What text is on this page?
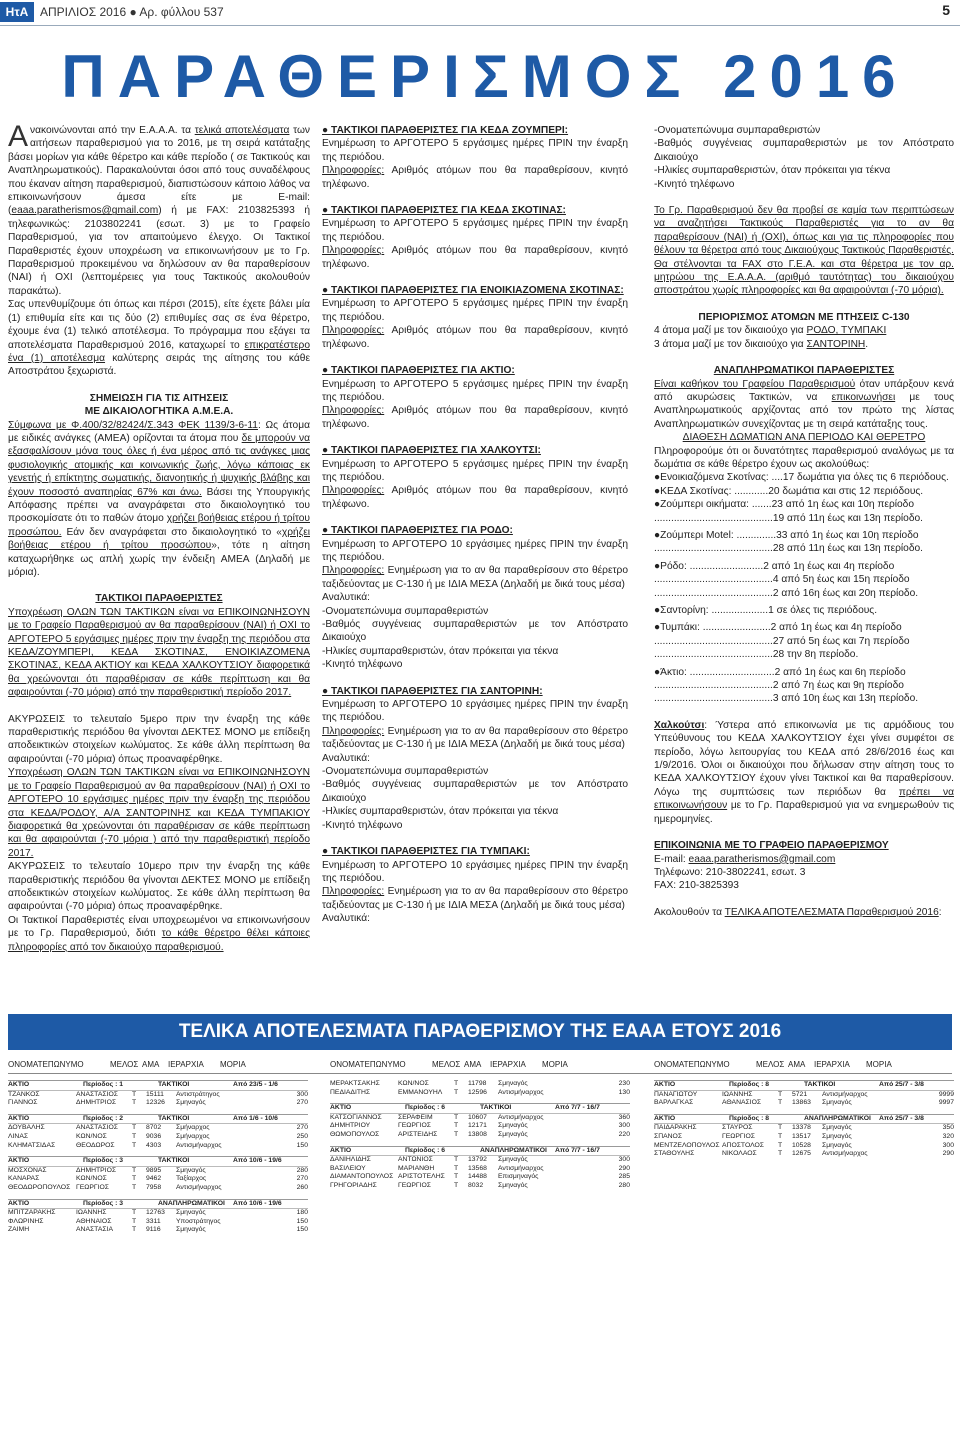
ΗτΑ ΑΠΡΙΛΙΟΣ 2016 ● Αρ. φύλλου 537	5
ΠΑΡΑΘΕΡΙΣΜΟΣ 2016

Ανακοινώνονται από την Ε.Α.Α.Α. τα τελικά αποτελέσματα των αιτήσεων παραθερισμού για το 2016, με τη σειρά κατάταξης βάσει μορίων για κάθε θέρετρο και κάθε περίοδο ( σε Τακτικούς και Αναπληρωματικούς). Παρακαλούνται όσοι από τους συναδέλφους που έκαναν αίτηση παραθερισμού, διαπιστώσουν κάποιο λάθος να επικοινωνήσουν άμεσα είτε με E-mail: (eaaa.paratherismos@gmail.com) ή με FAX: 2103825393 ή τηλεφωνικώς: 2103802241 (εσωτ. 3) με το Γραφείο Παραθερισμού, για τον απαιτούμενο έλεγχο. Οι Τακτικοί Παραθεριστές έχουν υποχρέωση να επικοινωνήσουν με το Γρ. Παραθερισμού προκειμένου να δηλώσουν αν θα παραθερίσουν (ΝΑΙ) ή ΟΧΙ (λεπτομέρειες για τους Τακτικούς ακολουθούν παρακάτω).

Σας υπενθυμίζουμε ότι όπως και πέρσι (2015), είτε έχετε βάλει μία (1) επιθυμία είτε και τις δύο (2) επιθυμίες σας σε ένα θέρετρο, έχουμε ένα (1) τελικό αποτέλεσμα. Το πρόγραμμα που εξάγει τα αποτελέσματα Παραθερισμού 2016, καταχωρεί το επικρατέστερο ένα (1) αποτέλεσμα καλύτερης σειράς της αίτησης του κάθε Αποστράτου ξεχωριστά.

ΣΗΜΕΙΩΣΗ ΓΙΑ ΤΙΣ ΑΙΤΗΣΕΙΣ

ΜΕ ΔΙΚΑΙΟΛΟΓΗΤΙΚΑ Α.Μ.Ε.Α.

Σύμφωνα με Φ.400/32/82424/Σ.343 ΦΕΚ 1139/3-6-11: Ως άτομα με ειδικές ανάγκες (ΑΜΕΑ) ορίζονται τα άτομα που δε μπορούν να εξασφαλίσουν μόνα τους όλες ή ένα μέρος από τις ανάγκες μιας φυσιολογικής ατομικής και κοινωνικής ζωής, λόγω κάποιας εκ γενετής ή επίκτητης σωματικής, διανοητικής ή ψυχικής βλάβης και έχουν ποσοστό αναπηρίας 67% και άνω. Βάσει της Υπουργικής Απόφασης πρέπει να αναγράφεται στο δικαιολογητικό του προσκομίσατε ότι το παθών άτομο χρήζει βοήθειας ετέρου ή τρίτου προσώπου. Εάν δεν αναγράφεται στο δικαιολογητικό το «χρήζει βοήθειας ετέρου ή τρίτου προσώπου», τότε η αίτηση καταχωρήθηκε ως απλή χωρίς την ένδειξη ΑΜΕΑ (Δηλαδή με μόρια).

ΤΑΚΤΙΚΟΙ ΠΑΡΑΘΕΡΙΣΤΕΣ

Υποχρέωση ΟΛΩΝ ΤΩΝ ΤΑΚΤΙΚΩΝ είναι να ΕΠΙΚΟΙΝΩΝΗΣΟΥΝ με το Γραφείο Παραθερισμού αν θα παραθερίσουν (ΝΑΙ) ή ΟΧΙ το ΑΡΓΟΤΕΡΟ 5 εργάσιμες ημέρες πριν την έναρξη της περιόδου στα ΚΕΔΑ/ΖΟΥΜΠΕΡΙ, ΚΕΔΑ ΣΚΟΤΙΝΑΣ, ΕΝΟΙΚΙΑΖΟΜΕΝΑ ΣΚΟΤΙΝΑΣ, ΚΕΔΑ ΑΚΤΙΟΥ και ΚΕΔΑ ΧΑΛΚΟΥΤΣΙΟΥ διαφορετικά θα χρεώνονται ότι παραθέρισαν σε κάθε περίπτωση και θα αφαιρούνται (-70 μόρια) από την παραθεριστική περίοδο 2017.

ΑΚΥΡΩΣΕΙΣ το τελευταίο 5μερο πριν την έναρξη της κάθε παραθεριστικής περιόδου θα γίνονται ΔΕΚΤΕΣ ΜΟΝΟ με επίδειξη αποδεικτικών στοιχείων κωλύματος. Σε κάθε άλλη περίπτωση θα αφαιρούνται (-70 μόρια) όπως προαναφέρθηκε.

Υποχρέωση ΟΛΩΝ ΤΩΝ ΤΑΚΤΙΚΩΝ είναι να ΕΠΙΚΟΙΝΩΝΗΣΟΥΝ με το Γραφείο Παραθερισμού αν θα παραθερίσουν (ΝΑΙ) ή ΟΧΙ το ΑΡΓΟΤΕΡΟ 10 εργάσιμες ημέρες πριν την έναρξη της περιόδου στα ΚΕΔΑ/ΡΟΔΟΥ, Α/Α ΣΑΝΤΟΡΙΝΗΣ και ΚΕΔΑ ΤΥΜΠΑΚΙΟΥ διαφορετικά θα χρεώνονται ότι παραθέρισαν σε κάθε περίπτωση και θα αφαιρούνται (-70 μόρια ) από την παραθεριστική περίοδο 2017.

ΑΚΥΡΩΣΕΙΣ το τελευταίο 10μερο πριν την έναρξη της κάθε παραθεριστικής περιόδου θα γίνονται ΔΕΚΤΕΣ ΜΟΝΟ με επίδειξη αποδεικτικών στοιχείων κωλύματος. Σε κάθε άλλη περίπτωση θα αφαιρούνται (-70 μόρια) όπως προαναφέρθηκε.

Οι Τακτικοί Παραθεριστές είναι υποχρεωμένοι να επικοινωνήσουν με το Γρ. Παραθερισμού, διότι το κάθε θέρετρο θέλει κάποιες πληροφορίες από τον δικαιούχο παραθερισμού.

● ΤΑΚΤΙΚΟΙ ΠΑΡΑΘΕΡΙΣΤΕΣ ΓΙΑ ΚΕΔΑ ΖΟΥΜΠΕΡΙ:

Ενημέρωση το ΑΡΓΟΤΕΡΟ 5 εργάσιμες ημέρες ΠΡΙΝ την έναρξη της περιόδου.

Πληροφορίες: Αριθμός ατόμων που θα παραθερίσουν, κινητό τηλέφωνο.

● ΤΑΚΤΙΚΟΙ ΠΑΡΑΘΕΡΙΣΤΕΣ ΓΙΑ ΚΕΔΑ ΣΚΟΤΙΝΑΣ:

Ενημέρωση το ΑΡΓΟΤΕΡΟ 5 εργάσιμες ημέρες ΠΡΙΝ την έναρξη της περιόδου.

Πληροφορίες: Αριθμός ατόμων που θα παραθερίσουν, κινητό τηλέφωνο.

● ΤΑΚΤΙΚΟΙ ΠΑΡΑΘΕΡΙΣΤΕΣ ΓΙΑ ΕΝΟΙΚΙΑΖΟΜΕΝΑ ΣΚΟΤΙΝΑΣ:

Ενημέρωση το ΑΡΓΟΤΕΡΟ 5 εργάσιμες ημέρες ΠΡΙΝ την έναρξη της περιόδου.

Πληροφορίες: Αριθμός ατόμων που θα παραθερίσουν, κινητό τηλέφωνο.

● ΤΑΚΤΙΚΟΙ ΠΑΡΑΘΕΡΙΣΤΕΣ ΓΙΑ ΑΚΤΙΟ:

Ενημέρωση το ΑΡΓΟΤΕΡΟ 5 εργάσιμες ημέρες ΠΡΙΝ την έναρξη της περιόδου.

Πληροφορίες: Αριθμός ατόμων που θα παραθερίσουν, κινητό τηλέφωνο.

● ΤΑΚΤΙΚΟΙ ΠΑΡΑΘΕΡΙΣΤΕΣ ΓΙΑ ΧΑΛΚΟΥΤΣΙ:

Ενημέρωση το ΑΡΓΟΤΕΡΟ 5 εργάσιμες ημέρες ΠΡΙΝ την έναρξη της περιόδου.

Πληροφορίες: Αριθμός ατόμων που θα παραθερίσουν, κινητό τηλέφωνο.

● ΤΑΚΤΙΚΟΙ ΠΑΡΑΘΕΡΙΣΤΕΣ ΓΙΑ ΡΟΔΟ:

Ενημέρωση το ΑΡΓΟΤΕΡΟ 10 εργάσιμες ημέρες ΠΡΙΝ την έναρξη της περιόδου.

Πληροφορίες: Ενημέρωση για το αν θα παραθερίσουν στο θέρετρο ταξιδεύοντας με C-130 ή με ΙΔΙΑ ΜΕΣΑ (Δηλαδή με δικά τους μέσα)

Αναλυτικά:

-Ονοματεπώνυμα συμπαραθεριστών

-Βαθμός συγγένειας συμπαραθεριστών με τον Απόστρατο Δικαιούχο

-Ηλικίες συμπαραθεριστών, όταν πρόκειται για τέκνα

-Κινητό τηλέφωνο

● ΤΑΚΤΙΚΟΙ ΠΑΡΑΘΕΡΙΣΤΕΣ ΓΙΑ ΣΑΝΤΟΡΙΝΗ:

Ενημέρωση το ΑΡΓΟΤΕΡΟ 10 εργάσιμες ημέρες ΠΡΙΝ την έναρξη της περιόδου.

Πληροφορίες: Ενημέρωση για το αν θα παραθερίσουν στο θέρετρο ταξιδεύοντας με C-130 ή με ΙΔΙΑ ΜΕΣΑ (Δηλαδή με δικά τους μέσα)

Αναλυτικά:

-Ονοματεπώνυμα συμπαραθεριστών

-Βαθμός συγγένειας συμπαραθεριστών με τον Απόστρατο Δικαιούχο

-Ηλικίες συμπαραθεριστών, όταν πρόκειται για τέκνα

-Κινητό τηλέφωνο

● ΤΑΚΤΙΚΟΙ ΠΑΡΑΘΕΡΙΣΤΕΣ ΓΙΑ ΤΥΜΠΑΚΙ:

Ενημέρωση το ΑΡΓΟΤΕΡΟ 10 εργάσιμες ημέρες ΠΡΙΝ την έναρξη της περιόδου.

Πληροφορίες: Ενημέρωση για το αν θα παραθερίσουν στο θέρετρο ταξιδεύοντας με C-130 ή με ΙΔΙΑ ΜΕΣΑ (Δηλαδή με δικά τους μέσα)

Αναλυτικά:

-Ονοματεπώνυμα συμπαραθεριστών

-Βαθμός συγγένειας συμπαραθεριστών με τον Απόστρατο Δικαιούχο

-Ηλικίες συμπαραθεριστών, όταν πρόκειται για τέκνα

-Κινητό τηλέφωνο

Το Γρ. Παραθερισμού δεν θα προβεί σε καμία των περιπτώσεων να αναζητήσει Τακτικούς Παραθεριστές για το αν θα παραθερίσουν (ΝΑΙ) ή (ΟΧΙ), όπως και για τις πληροφορίες που θέλουν τα θέρετρα από τους Δικαιούχους Τακτικούς Παραθεριστές. Θα στέλνονται τα FAX στο Γ.Ε.Α. και στα θέρετρα με τον αρ. μητρώου της Ε.Α.Α.Α. (αριθμό ταυτότητας) του δικαιούχου αποστράτου χωρίς πληροφορίες και θα αφαιρούνται (-70 μόρια).

ΠΕΡΙΟΡΙΣΜΟΣ ΑΤΟΜΩΝ ΜΕ ΠΤΗΣΕΙΣ C-130

4 άτομα μαζί με τον δικαιούχο για ΡΟΔΟ, ΤΥΜΠΑΚΙ

3 άτομα μαζί με τον δικαιούχο για ΣΑΝΤΟΡΙΝΗ.

ΑΝΑΠΛΗΡΩΜΑΤΙΚΟΙ ΠΑΡΑΘΕΡΙΣΤΕΣ

Είναι καθήκον του Γραφείου Παραθερισμού όταν υπάρξουν κενά από ακυρώσεις Τακτικών, να επικοινωνήσει με τους Αναπληρωματικούς αρχίζοντας από τον πρώτο της λίστας Αναπληρωματικών συνεχίζοντας με τη σειρά κατάταξης τους.

ΔΙΑΘΕΣΗ ΔΩΜΑΤΙΩΝ ΑΝΑ ΠΕΡΙΟΔΟ ΚΑΙ ΘΕΡΕΤΡΟ

Πληροφορούμε ότι οι δυνατότητες παραθερισμού αναλόγως με τα δωμάτια σε κάθε θέρετρο έχουν ως ακολούθως:

●Ενοικιαζόμενα Σκοτίνας: ....17 δωμάτια για όλες τις 6 περιόδους.

●ΚΕΔΑ Σκοτίνας: ............20 δωμάτια και στις 12 περιόδους.

●Ζούμπερι οικήματα: .......23 από 1η έως και 10η περίοδο

..........................................19 από 11η έως και 13η περίοδο.

●Ζούμπερι Motel: ..............33 από 1η έως και 10η περίοδο

..........................................28 από 11η έως και 13η περίοδο.

●Ρόδο: ..........................2 από 1η έως και 4η περίοδο

..........................................4 από 5η έως και 15η περίοδο

..........................................2 από 16η έως και 20η περίοδο.

●Σαντορίνη: ....................1 σε όλες τις περιόδους.

●Τυμπάκι: ........................2 από 1η έως και 4η περίοδο

..........................................27 από 5η έως και 7η περίοδο

..........................................28 την 8η περίοδο.

●Άκτιο: ..............................2 από 1η έως και 6η περίοδο

..........................................2 από 7η έως και 9η περίοδο

..........................................3 από 10η έως και 13η περίοδο.

Χαλκούτσι: Ύστερα από επικοινωνία με τις αρμόδιους του Υπεύθυνους του ΚΕΔΑ ΧΑΛΚΟΥΤΣΙΟΥ έχει γίνει συμφέτοι σε περίοδο, λόγω λειτουργίας του ΚΕΔΑ από 28/6/2016 έως και 1/9/2016. Όλοι οι δικαιούχοι που δήλωσαν στην αίτηση τους το ΚΕΔΑ ΧΑΛΚΟΥΤΣΙΟΥ έχουν γίνει Τακτικοί και θα παραθερίσουν. Λόγω της συμπτώσεις των περιόδων θα πρέπει να επικοινωνήσουν με το Γρ. Παραθερισμού για να ενημερωθούν τις ημερομηνίες.

ΕΠΙΚΟΙΝΩΝΙΑ ΜΕ ΤΟ ΓΡΑΦΕΙΟ ΠΑΡΑΘΕΡΙΣΜΟΥ

E-mail: eaaa.paratherismos@gmail.com

Τηλέφωνο: 210-3802241, εσωτ. 3

FAX: 210-3825393

Ακολουθούν τα ΤΕΛΙΚΑ ΑΠΟΤΕΛΕΣΜΑΤΑ Παραθερισμού 2016:

ΤΕΛΙΚΑ ΑΠΟΤΕΛΕΣΜΑΤΑ ΠΑΡΑΘΕΡΙΣΜΟΥ ΤΗΣ ΕΑΑΑ ΕΤΟΥΣ 2016
ΟΝΟΜΑΤΕΠΩΝΥΜΟ	ΜΕΛΟΣ ΑΜΑ ΙΕΡΑΡΧΙΑ ΜΟΡΙΑ	ΟΝΟΜΑΤΕΠΩΝΥΜΟ	ΜΕΛΟΣ ΑΜΑ ΙΕΡΑΡΧΙΑ ΜΟΡΙΑ	ΟΝΟΜΑΤΕΠΩΝΥΜΟ	ΜΕΛΟΣ ΑΜΑ ΙΕΡΑΡΧΙΑ ΜΟΡΙΑ
ΑΚΤΙΟ	Περίοδος : 1	ΤΑΚΤΙΚΟΙ	Από 23/5 - 1/6
ΤΖΑΝΚΟΣ	ΑΝΑΣΤΑΣΙΟΣ	Τ	15111	Αντιστράτηγος	300
ΓΙΑΝΝΟΣ	ΔΗΜΗΤΡΙΟΣ	Τ	12326	Σμηναγός	270
ΑΚΤΙΟ	Περίοδος : 2	ΤΑΚΤΙΚΟΙ	Από 1/6 - 10/6
ΔΟΥΒΑΛΗΣ	ΑΝΑΣΤΑΣΙΟΣ	Τ	8702	Σμήναρχος	270
ΛΙΝΑΣ	ΚΩΝ/ΝΟΣ	Τ	9036	Σμήναρχος	250
ΚΛΗΜΑΤΣΙΔΑΣ	ΘΕΟΔΩΡΟΣ	Τ	4303	Αντισμήναρχος	150
ΑΚΤΙΟ	Περίοδος : 3	ΤΑΚΤΙΚΟΙ	Από 10/6 - 19/6
ΜΟΣΧΟΝΑΣ	ΔΗΜΗΤΡΙΟΣ	Τ	9895	Σμηναγός	280
ΚΑΝΑΡΑΣ	ΚΩΝ/ΝΟΣ	Τ	9462	Ταξίαρχος	270
ΘΕΟΔΩΡΟΠΟΥΛΟΣ ΓΕΩΡΓΙΟΣ	Τ	7958	Αντισμήναρχος	260
ΑΚΤΙΟ	Περίοδος : 3	ΑΝΑΠΛΗΡΩΜΑΤΙΚΟΙ	Από 10/6 - 19/6
ΜΠΙΤΖΑΡΑΚΗΣ	ΙΩΑΝΝΗΣ	Τ	12763	Σμηναγός	180
ΦΛΩΡΙΝΗΣ	ΑΘΗΝΑΙΟΣ	Τ	3311	Υποστράτηγος	150
ΖΑΙΜΗ	ΑΝΑΣΤΑΣΙΑ	Τ	9116	Σμηναγός	150
ΜΕΡΑΚΤΣΑΚΗΣ	ΚΩΝ/ΝΟΣ	Τ	11798	Σμηναγός	230
ΠΕΔΙΑΔΙΤΗΣ	ΕΜΜΑΝΟΥΗΛ	Τ	12596	Αντισμήναρχος	130
ΑΚΤΙΟ	Περίοδος : 6	ΤΑΚΤΙΚΟΙ	Από 7/7 - 16/7
ΚΑΤΣΟΓΙΑΝΝΟΣ	ΣΕΡΑΦΕΙΜ	Τ	10607	Αντισμήναρχος	360
ΔΗΜΗΤΡΙΟΥ	ΓΕΩΡΓΙΟΣ	Τ	12171	Σμηναγός	300
ΘΩΜΟΠΟΥΛΟΣ	ΑΡΙΣΤΕΙΔΗΣ	Τ	13808	Σμηναγός	220
ΑΚΤΙΟ	Περίοδος : 6	ΑΝΑΠΛΗΡΩΜΑΤΙΚΟΙ	Από 7/7 - 16/7
ΔΑΝΙΗΛΙΔΗΣ	ΑΝΤΩΝΙΟΣ	Τ	13792	Σμηναγός	300
ΒΑΣΙΛΕΙΟΥ	ΜΑΡΙΑΝΘΗ	Τ	13568	Αντισμήναρχος	290
ΔΙΑΜΑΝΤΟΠΟΥΛΟΣ ΑΡΙΣΤΟΤΕΛΗΣ	Τ	14488	Επισμηναγός	285
ΓΡΗΓΟΡΙΑΔΗΣ	ΓΕΩΡΓΙΟΣ	Τ	8032	Σμηναγός	280
ΑΚΤΙΟ	Περίοδος : 8	ΤΑΚΤΙΚΟΙ	Από 25/7 - 3/8
ΠΑΝΑΓΙΩΤΟΥ	ΙΩΑΝΝΗΣ	Τ	5721	Αντισμήναρχος	9999
ΒΑΡΛΑΓΚΑΣ	ΑΘΑΝΑΣΙΟΣ	Τ	13863	Σμηναγός	9997
ΑΚΤΙΟ	Περίοδος : 8	ΑΝΑΠΛΗΡΩΜΑΤΙΚΟΙ	Από 25/7 - 3/8
ΠΑΙΔΑΡΑΚΗΣ	ΣΤΑΥΡΟΣ	Τ	13378	Σμηναγός	350
ΣΠΑΝΟΣ	ΓΕΩΡΓΙΟΣ	Τ	13517	Σμηναγός	320
ΜΕΝΤΖΕΛΟΠΟΥΛΟΣ ΑΠΟΣΤΟΛΟΣ	Τ	10528	Σμηναγός	300
ΣΤΑΘΟΥΛΗΣ	ΝΙΚΟΛΑΟΣ	Τ	12675	Αντισμήναρχος	290
